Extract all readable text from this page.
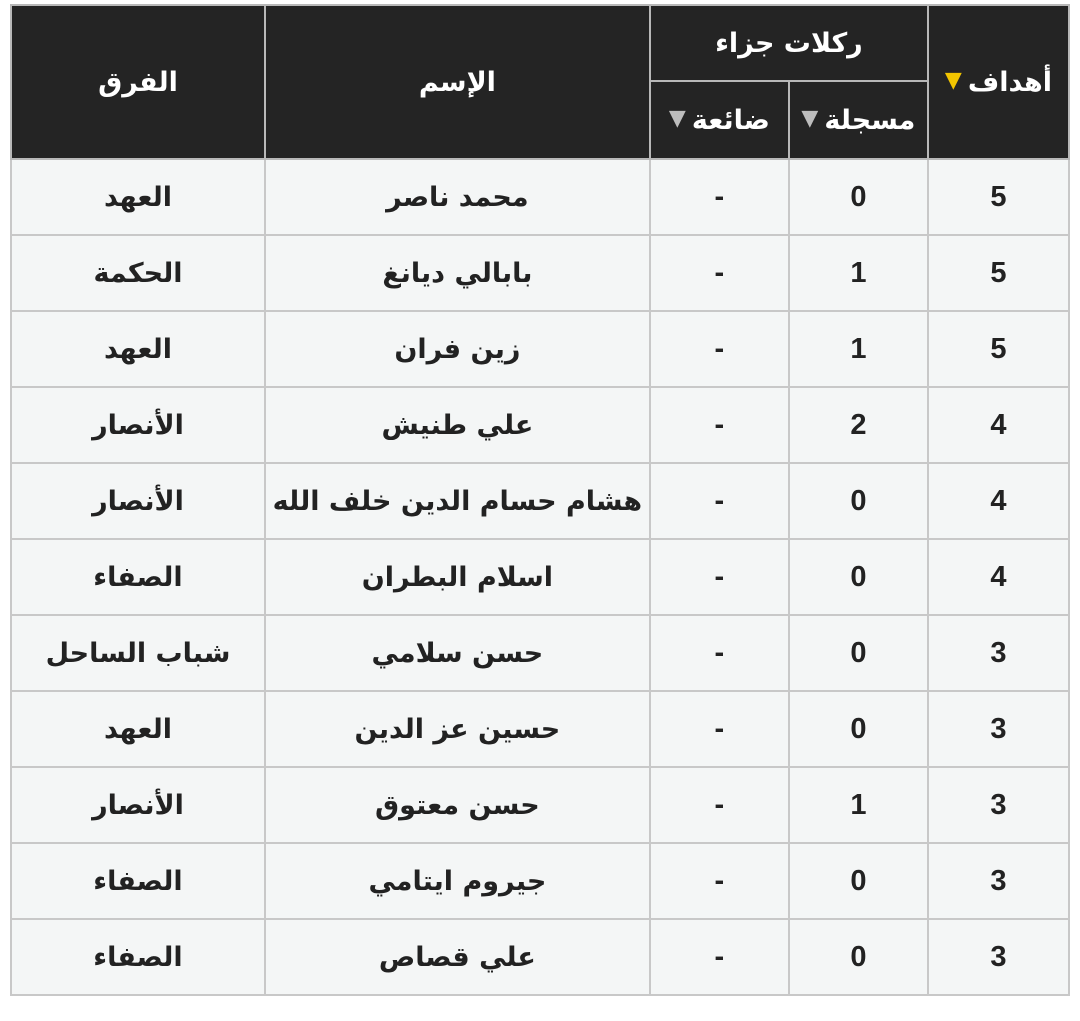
أهداف▼	ركلات جزاء		الإسم	الفرق
	مسجلة▼	ضائعة▼		
5	0	-	محمد ناصر	العهد
5	1	-	بابالي ديانغ	الحكمة
5	1	-	زين فران	العهد
4	2	-	علي طنيش	الأنصار
4	0	-	هشام حسام الدين خلف الله	الأنصار
4	0	-	اسلام البطران	الصفاء
3	0	-	حسن سلامي	شباب الساحل
3	0	-	حسين عز الدين	العهد
3	1	-	حسن معتوق	الأنصار
3	0	-	جيروم ايتامي	الصفاء
3	0	-	علي قصاص	الصفاء
